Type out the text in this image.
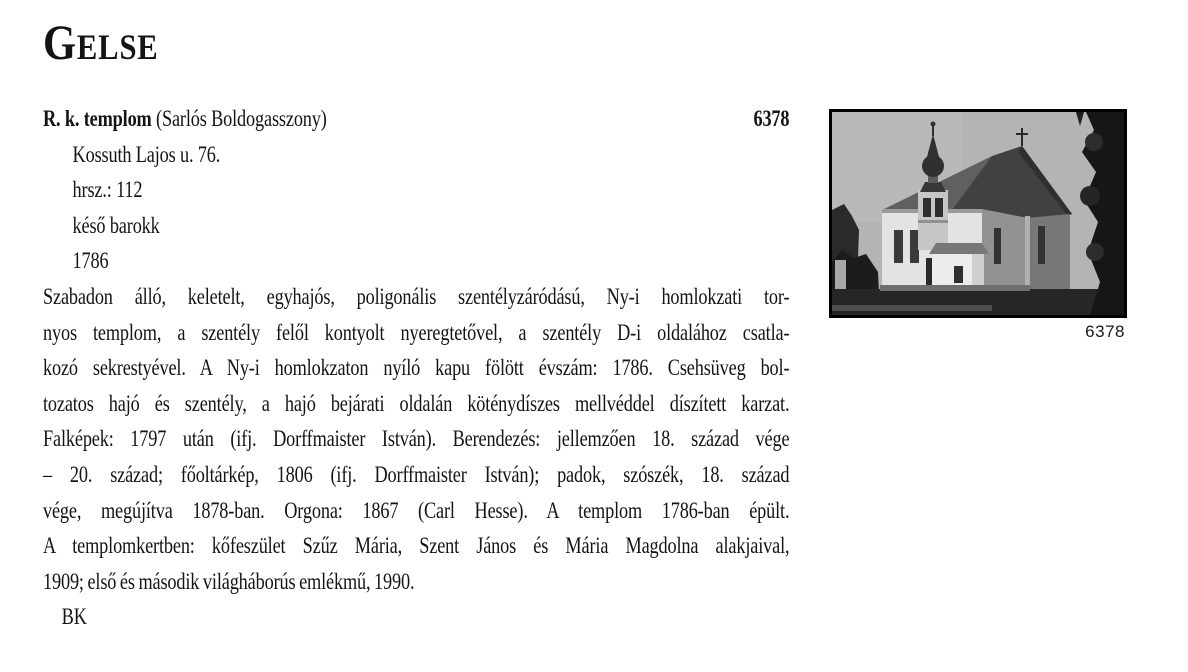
GELSE
R. k. templom (Sarlós Boldogasszony)	6378
Kossuth Lajos u. 76.
hrsz.: 112
késő barokk
1786
Szabadon álló, keletelt, egyhajós, poligonális szentélyzáródású, Ny-i homlokzati tor-
nyos templom, a szentély felől kontyolt nyeregtetővel, a szentély D-i oldalához csatla-
kozó sekrestyével. A Ny-i homlokzaton nyíló kapu fölött évszám: 1786. Csehsüveg bol-
tozatos hajó és szentély, a hajó bejárati oldalán köténydíszes mellvéddel díszített karzat.
Falképek: 1797 után (ifj. Dorffmaister István). Berendezés: jellemzően 18. század vége
– 20. század; főoltárkép, 1806 (ifj. Dorffmaister István); padok, szószék, 18. század
vége, megújítva 1878-ban. Orgona: 1867 (Carl Hesse). A templom 1786-ban épült.
A templomkertben: kőfeszület Szűz Mária, Szent János és Mária Magdolna alakjaival,
1909; első és második világháborús emlékmű, 1990.
BK
6378
